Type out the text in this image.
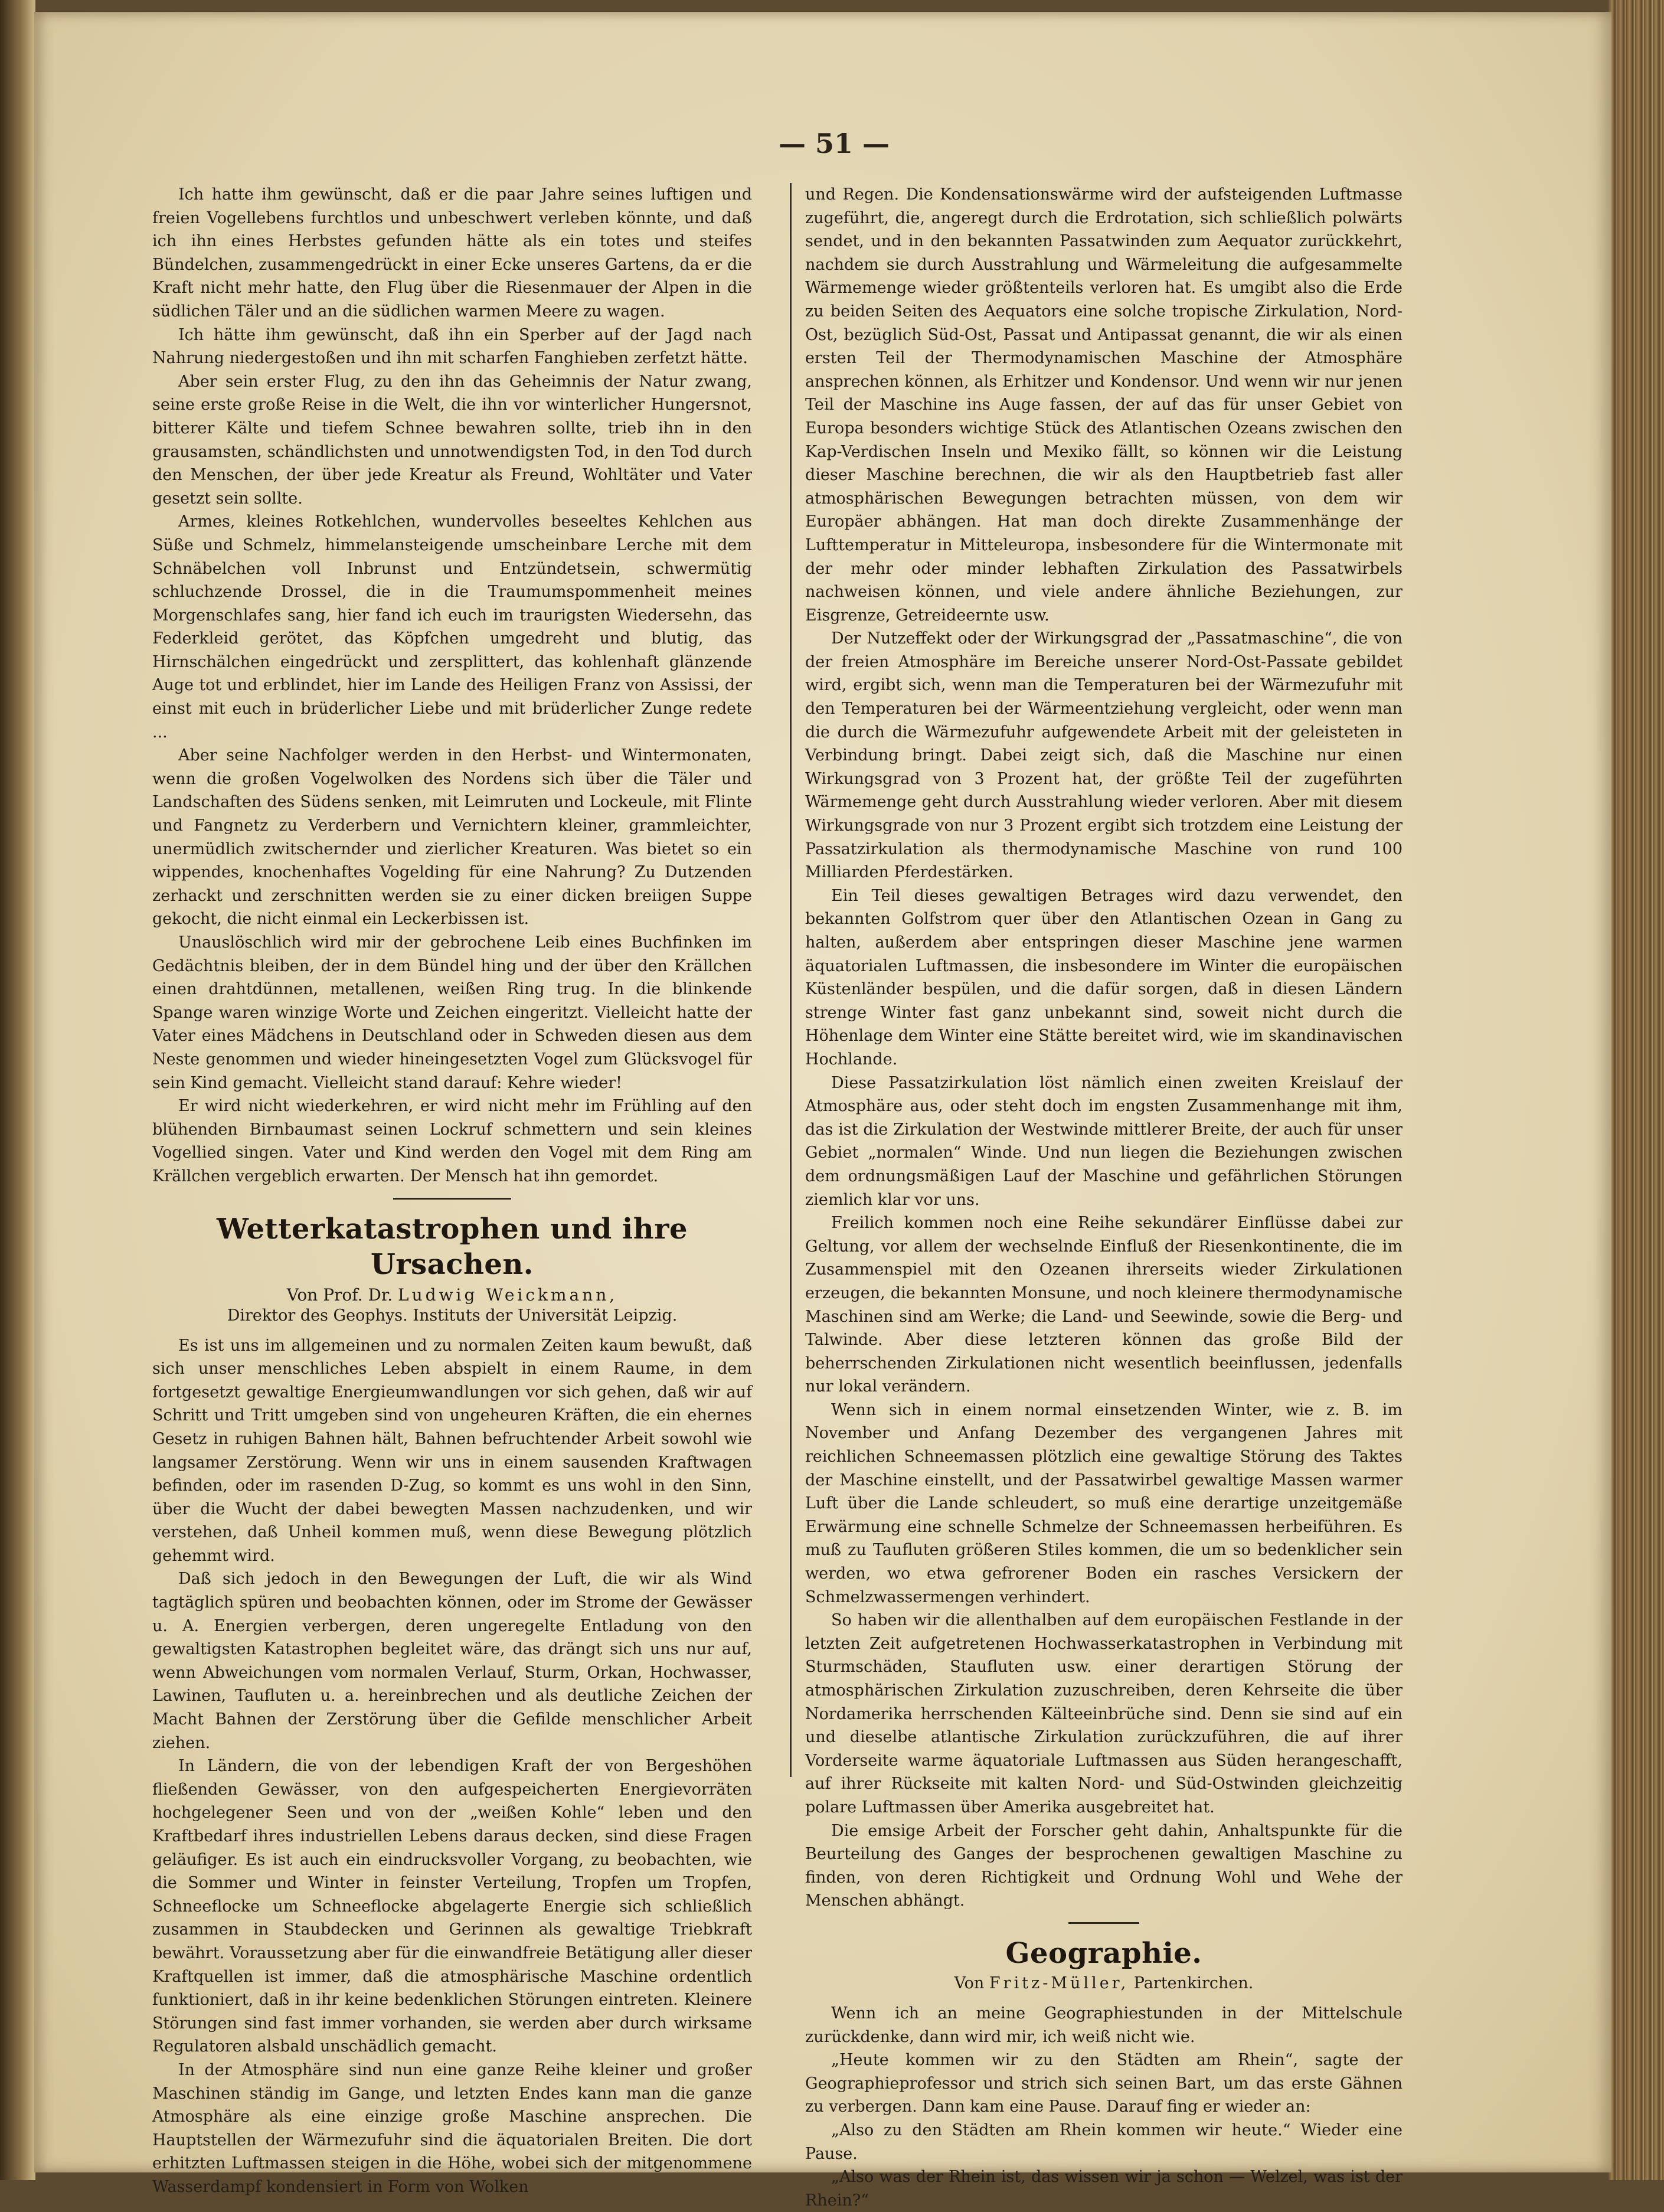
— 51 —

Ich hatte ihm gewünscht, daß er die paar Jahre seines luftigen und freien Vogellebens furchtlos und unbeschwert verleben könnte, und daß ich ihn eines Herbstes gefunden hätte als ein totes und steifes Bündelchen, zusammengedrückt in einer Ecke unseres Gartens, da er die Kraft nicht mehr hatte, den Flug über die Riesenmauer der Alpen in die südlichen Täler und an die südlichen warmen Meere zu wagen.

Ich hätte ihm gewünscht, daß ihn ein Sperber auf der Jagd nach Nahrung niedergestoßen und ihn mit scharfen Fanghieben zerfetzt hätte.

Aber sein erster Flug, zu den ihn das Geheimnis der Natur zwang, seine erste große Reise in die Welt, die ihn vor winterlicher Hungersnot, bitterer Kälte und tiefem Schnee bewahren sollte, trieb ihn in den grausamsten, schändlichsten und unnotwendigsten Tod, in den Tod durch den Menschen, der über jede Kreatur als Freund, Wohltäter und Vater gesetzt sein sollte.

Armes, kleines Rotkehlchen, wundervolles beseeltes Kehlchen aus Süße und Schmelz, himmelansteigende umscheinbare Lerche mit dem Schnäbelchen voll Inbrunst und Entzündetsein, schwermütig schluchzende Drossel, die in die Traumumspommenheit meines Morgenschlafes sang, hier fand ich euch im traurigsten Wiedersehn, das Federkleid gerötet, das Köpfchen umgedreht und blutig, das Hirnschälchen eingedrückt und zersplittert, das kohlenhaft glänzende Auge tot und erblindet, hier im Lande des Heiligen Franz von Assissi, der einst mit euch in brüderlicher Liebe und mit brüderlicher Zunge redete ...

Aber seine Nachfolger werden in den Herbst- und Wintermonaten, wenn die großen Vogelwolken des Nordens sich über die Täler und Landschaften des Südens senken, mit Leimruten und Lockeule, mit Flinte und Fangnetz zu Verderbern und Vernichtern kleiner, grammleichter, unermüdlich zwitschernder und zierlicher Kreaturen. Was bietet so ein wippendes, knochenhaftes Vogelding für eine Nahrung? Zu Dutzenden zerhackt und zerschnitten werden sie zu einer dicken breiigen Suppe gekocht, die nicht einmal ein Leckerbissen ist.

Unauslöschlich wird mir der gebrochene Leib eines Buchfinken im Gedächtnis bleiben, der in dem Bündel hing und der über den Krällchen einen drahtdünnen, metallenen, weißen Ring trug. In die blinkende Spange waren winzige Worte und Zeichen eingeritzt. Vielleicht hatte der Vater eines Mädchens in Deutschland oder in Schweden diesen aus dem Neste genommen und wieder hineingesetzten Vogel zum Glücksvogel für sein Kind gemacht. Vielleicht stand darauf: Kehre wieder!

Er wird nicht wiederkehren, er wird nicht mehr im Frühling auf den blühenden Birnbaumast seinen Lockruf schmettern und sein kleines Vogellied singen. Vater und Kind werden den Vogel mit dem Ring am Krällchen vergeblich erwarten. Der Mensch hat ihn gemordet.

Wetterkatastrophen und ihre Ursachen.

Von Prof. Dr. Ludwig Weickmann,

Direktor des Geophys. Instituts der Universität Leipzig.

Es ist uns im allgemeinen und zu normalen Zeiten kaum bewußt, daß sich unser menschliches Leben abspielt in einem Raume, in dem fortgesetzt gewaltige Energieumwandlungen vor sich gehen, daß wir auf Schritt und Tritt umgeben sind von ungeheuren Kräften, die ein ehernes Gesetz in ruhigen Bahnen hält, Bahnen befruchtender Arbeit sowohl wie langsamer Zerstörung. Wenn wir uns in einem sausenden Kraftwagen befinden, oder im rasenden D-Zug, so kommt es uns wohl in den Sinn, über die Wucht der dabei bewegten Massen nachzudenken, und wir verstehen, daß Unheil kommen muß, wenn diese Bewegung plötzlich gehemmt wird.

Daß sich jedoch in den Bewegungen der Luft, die wir als Wind tagtäglich spüren und beobachten können, oder im Strome der Gewässer u. A. Energien verbergen, deren ungeregelte Entladung von den gewaltigsten Katastrophen begleitet wäre, das drängt sich uns nur auf, wenn Abweichungen vom normalen Verlauf, Sturm, Orkan, Hochwasser, Lawinen, Taufluten u. a. hereinbrechen und als deutliche Zeichen der Macht Bahnen der Zerstörung über die Gefilde menschlicher Arbeit ziehen.

In Ländern, die von der lebendigen Kraft der von Bergeshöhen fließenden Gewässer, von den aufgespeicherten Energievorräten hochgelegener Seen und von der „weißen Kohle“ leben und den Kraftbedarf ihres industriellen Lebens daraus decken, sind diese Fragen geläufiger. Es ist auch ein eindrucksvoller Vorgang, zu beobachten, wie die Sommer und Winter in feinster Verteilung, Tropfen um Tropfen, Schneeflocke um Schneeflocke abgelagerte Energie sich schließlich zusammen in Staubdecken und Gerinnen als gewaltige Triebkraft bewährt. Voraussetzung aber für die einwandfreie Betätigung aller dieser Kraftquellen ist immer, daß die atmosphärische Maschine ordentlich funktioniert, daß in ihr keine bedenklichen Störungen eintreten. Kleinere Störungen sind fast immer vorhanden, sie werden aber durch wirksame Regulatoren alsbald unschädlich gemacht.

In der Atmosphäre sind nun eine ganze Reihe kleiner und großer Maschinen ständig im Gange, und letzten Endes kann man die ganze Atmosphäre als eine einzige große Maschine ansprechen. Die Hauptstellen der Wärmezufuhr sind die äquatorialen Breiten. Die dort erhitzten Luftmassen steigen in die Höhe, wobei sich der mitgenommene Wasserdampf kondensiert in Form von Wolken

und Regen. Die Kondensationswärme wird der aufsteigenden Luftmasse zugeführt, die, angeregt durch die Erdrotation, sich schließlich polwärts sendet, und in den bekannten Passatwinden zum Aequator zurückkehrt, nachdem sie durch Ausstrahlung und Wärmeleitung die aufgesammelte Wärmemenge wieder größtenteils verloren hat. Es umgibt also die Erde zu beiden Seiten des Aequators eine solche tropische Zirkulation, Nord-Ost, bezüglich Süd-Ost, Passat und Antipassat genannt, die wir als einen ersten Teil der Thermodynamischen Maschine der Atmosphäre ansprechen können, als Erhitzer und Kondensor. Und wenn wir nur jenen Teil der Maschine ins Auge fassen, der auf das für unser Gebiet von Europa besonders wichtige Stück des Atlantischen Ozeans zwischen den Kap-Verdischen Inseln und Mexiko fällt, so können wir die Leistung dieser Maschine berechnen, die wir als den Hauptbetrieb fast aller atmosphärischen Bewegungen betrachten müssen, von dem wir Europäer abhängen. Hat man doch direkte Zusammenhänge der Lufttemperatur in Mitteleuropa, insbesondere für die Wintermonate mit der mehr oder minder lebhaften Zirkulation des Passatwirbels nachweisen können, und viele andere ähnliche Beziehungen, zur Eisgrenze, Getreideernte usw.

Der Nutzeffekt oder der Wirkungsgrad der „Passatmaschine“, die von der freien Atmosphäre im Bereiche unserer Nord-Ost-Passate gebildet wird, ergibt sich, wenn man die Temperaturen bei der Wärmezufuhr mit den Temperaturen bei der Wärmeentziehung vergleicht, oder wenn man die durch die Wärmezufuhr aufgewendete Arbeit mit der geleisteten in Verbindung bringt. Dabei zeigt sich, daß die Maschine nur einen Wirkungsgrad von 3 Prozent hat, der größte Teil der zugeführten Wärmemenge geht durch Ausstrahlung wieder verloren. Aber mit diesem Wirkungsgrade von nur 3 Prozent ergibt sich trotzdem eine Leistung der Passatzirkulation als thermodynamische Maschine von rund 100 Milliarden Pferdestärken.

Ein Teil dieses gewaltigen Betrages wird dazu verwendet, den bekannten Golfstrom quer über den Atlantischen Ozean in Gang zu halten, außerdem aber entspringen dieser Maschine jene warmen äquatorialen Luftmassen, die insbesondere im Winter die europäischen Küstenländer bespülen, und die dafür sorgen, daß in diesen Ländern strenge Winter fast ganz unbekannt sind, soweit nicht durch die Höhenlage dem Winter eine Stätte bereitet wird, wie im skandinavischen Hochlande.

Diese Passatzirkulation löst nämlich einen zweiten Kreislauf der Atmosphäre aus, oder steht doch im engsten Zusammenhange mit ihm, das ist die Zirkulation der Westwinde mittlerer Breite, der auch für unser Gebiet „normalen“ Winde. Und nun liegen die Beziehungen zwischen dem ordnungsmäßigen Lauf der Maschine und gefährlichen Störungen ziemlich klar vor uns.

Freilich kommen noch eine Reihe sekundärer Einflüsse dabei zur Geltung, vor allem der wechselnde Einfluß der Riesenkontinente, die im Zusammenspiel mit den Ozeanen ihrerseits wieder Zirkulationen erzeugen, die bekannten Monsune, und noch kleinere thermodynamische Maschinen sind am Werke; die Land- und Seewinde, sowie die Berg- und Talwinde. Aber diese letzteren können das große Bild der beherrschenden Zirkulationen nicht wesentlich beeinflussen, jedenfalls nur lokal verändern.

Wenn sich in einem normal einsetzenden Winter, wie z. B. im November und Anfang Dezember des vergangenen Jahres mit reichlichen Schneemassen plötzlich eine gewaltige Störung des Taktes der Maschine einstellt, und der Passatwirbel gewaltige Massen warmer Luft über die Lande schleudert, so muß eine derartige unzeitgemäße Erwärmung eine schnelle Schmelze der Schneemassen herbeiführen. Es muß zu Taufluten größeren Stiles kommen, die um so bedenklicher sein werden, wo etwa gefrorener Boden ein rasches Versickern der Schmelzwassermengen verhindert.

So haben wir die allenthalben auf dem europäischen Festlande in der letzten Zeit aufgetretenen Hochwasserkatastrophen in Verbindung mit Sturmschäden, Staufluten usw. einer derartigen Störung der atmosphärischen Zirkulation zuzuschreiben, deren Kehrseite die über Nordamerika herrschenden Kälteeinbrüche sind. Denn sie sind auf ein und dieselbe atlantische Zirkulation zurückzuführen, die auf ihrer Vorderseite warme äquatoriale Luftmassen aus Süden herangeschafft, auf ihrer Rückseite mit kalten Nord- und Süd-Ostwinden gleichzeitig polare Luftmassen über Amerika ausgebreitet hat.

Die emsige Arbeit der Forscher geht dahin, Anhaltspunkte für die Beurteilung des Ganges der besprochenen gewaltigen Maschine zu finden, von deren Richtigkeit und Ordnung Wohl und Wehe der Menschen abhängt.

Geographie.

Von Fritz-Müller, Partenkirchen.

Wenn ich an meine Geographiestunden in der Mittelschule zurückdenke, dann wird mir, ich weiß nicht wie.

„Heute kommen wir zu den Städten am Rhein“, sagte der Geographieprofessor und strich sich seinen Bart, um das erste Gähnen zu verbergen. Dann kam eine Pause. Darauf fing er wieder an:

„Also zu den Städten am Rhein kommen wir heute.“ Wieder eine Pause.

„Also was der Rhein ist, das wissen wir ja schon — Welzel, was ist der Rhein?“
